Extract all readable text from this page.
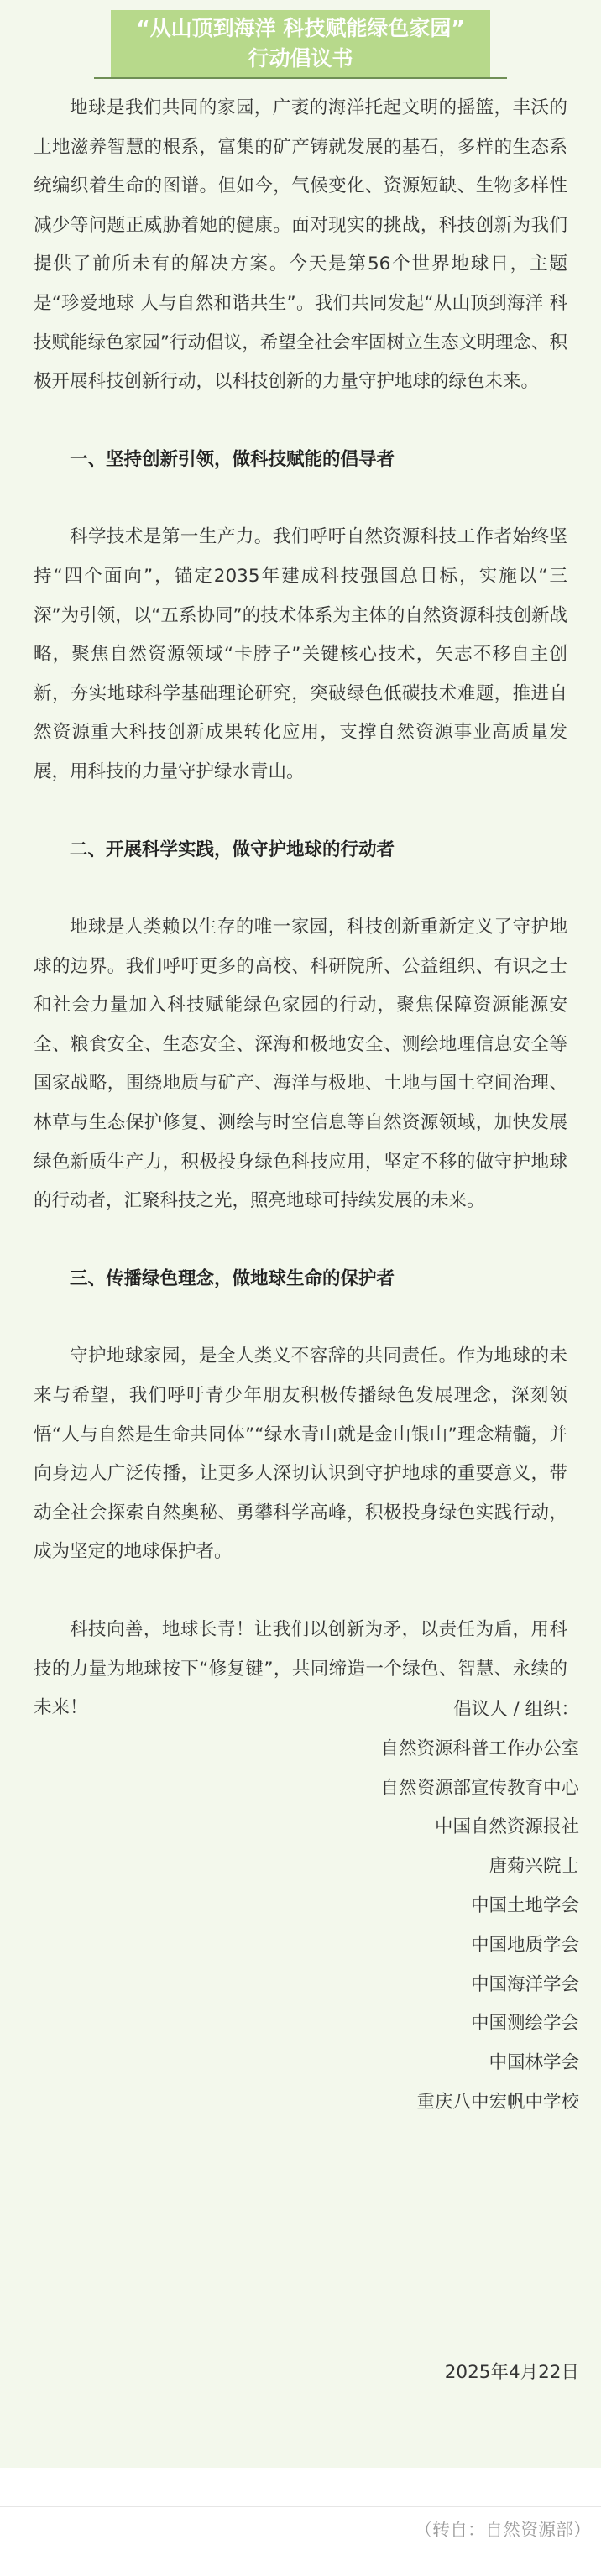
“从山顶到海洋 科技赋能绿色家园”
行动倡议书

地球是我们共同的家园，广袤的海洋托起文明的摇篮，丰沃的土地滋养智慧的根系，富集的矿产铸就发展的基石，多样的生态系统编织着生命的图谱。但如今，气候变化、资源短缺、生物多样性减少等问题正威胁着她的健康。面对现实的挑战，科技创新为我们提供了前所未有的解决方案。今天是第56个世界地球日，主题是“珍爱地球 人与自然和谐共生”。我们共同发起“从山顶到海洋 科技赋能绿色家园”行动倡议，希望全社会牢固树立生态文明理念、积极开展科技创新行动，以科技创新的力量守护地球的绿色未来。

一、坚持创新引领，做科技赋能的倡导者

科学技术是第一生产力。我们呼吁自然资源科技工作者始终坚持“四个面向”，锚定2035年建成科技强国总目标，实施以“三深”为引领，以“五系协同”的技术体系为主体的自然资源科技创新战略，聚焦自然资源领域“卡脖子”关键核心技术，矢志不移自主创新，夯实地球科学基础理论研究，突破绿色低碳技术难题，推进自然资源重大科技创新成果转化应用，支撑自然资源事业高质量发展，用科技的力量守护绿水青山。

二、开展科学实践，做守护地球的行动者

地球是人类赖以生存的唯一家园，科技创新重新定义了守护地球的边界。我们呼吁更多的高校、科研院所、公益组织、有识之士和社会力量加入科技赋能绿色家园的行动，聚焦保障资源能源安全、粮食安全、生态安全、深海和极地安全、测绘地理信息安全等国家战略，围绕地质与矿产、海洋与极地、土地与国土空间治理、林草与生态保护修复、测绘与时空信息等自然资源领域，加快发展绿色新质生产力，积极投身绿色科技应用，坚定不移的做守护地球的行动者，汇聚科技之光，照亮地球可持续发展的未来。

三、传播绿色理念，做地球生命的保护者

守护地球家园，是全人类义不容辞的共同责任。作为地球的未来与希望，我们呼吁青少年朋友积极传播绿色发展理念，深刻领悟“人与自然是生命共同体”“绿水青山就是金山银山”理念精髓，并向身边人广泛传播，让更多人深切认识到守护地球的重要意义，带动全社会探索自然奥秘、勇攀科学高峰，积极投身绿色实践行动，成为坚定的地球保护者。

科技向善，地球长青！让我们以创新为矛，以责任为盾，用科技的力量为地球按下“修复键”，共同缔造一个绿色、智慧、永续的未来！	倡议人 / 组织：
自然资源科普工作办公室
自然资源部宣传教育中心
中国自然资源报社
唐菊兴院士
中国土地学会
中国地质学会
中国海洋学会
中国测绘学会
中国林学会
重庆八中宏帆中学校
2025年4月22日
（转自：自然资源部）
